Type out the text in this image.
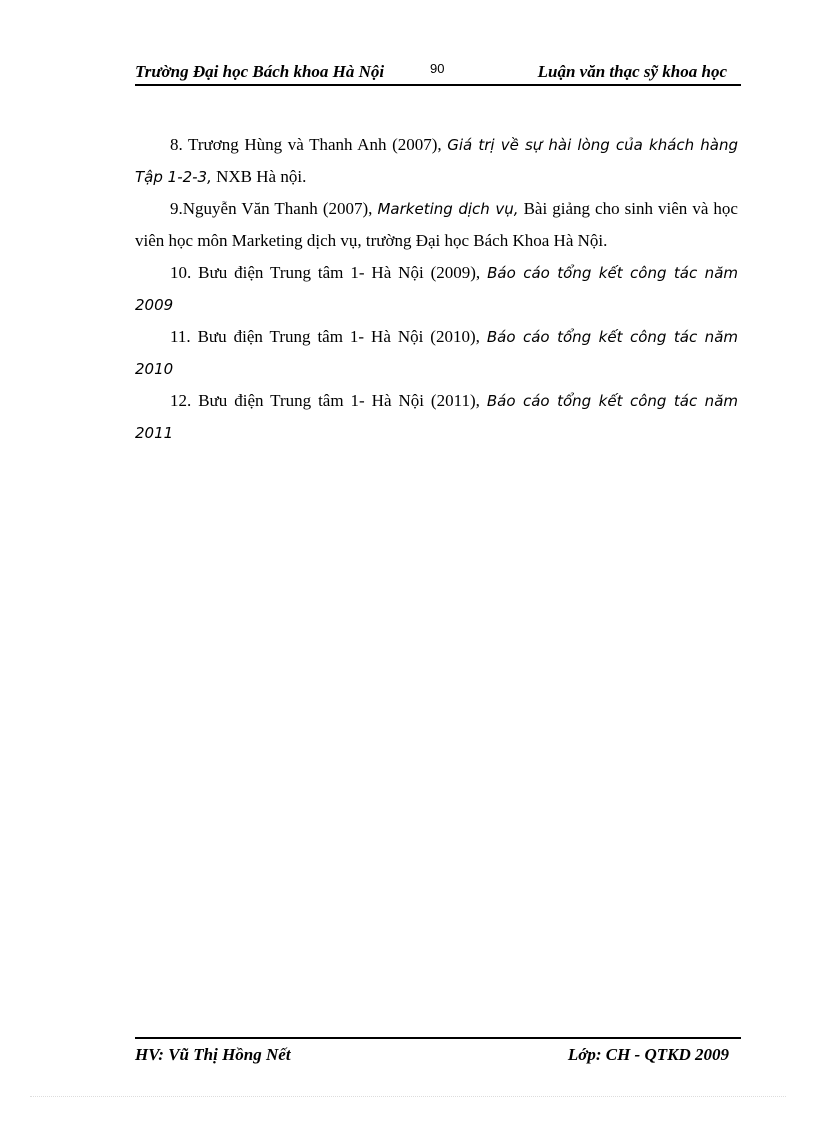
Trường Đại học Bách khoa Hà Nội	90	Luận văn thạc sỹ khoa học

8. Trương Hùng và Thanh Anh (2007), Giá trị về sự hài lòng của khách hàng Tập 1-2-3, NXB Hà nội.

9.Nguyễn Văn Thanh (2007), Marketing dịch vụ, Bài giảng cho sinh viên và học viên học môn Marketing dịch vụ, trường Đại học Bách Khoa Hà Nội.

10. Bưu điện Trung tâm 1- Hà Nội (2009), Báo cáo tổng kết công tác năm 2009

11. Bưu điện Trung tâm 1- Hà Nội (2010), Báo cáo tổng kết công tác năm 2010

12. Bưu điện Trung tâm 1- Hà Nội (2011), Báo cáo tổng kết công tác năm 2011

HV: Vũ Thị Hồng Nết	Lớp: CH - QTKD 2009
